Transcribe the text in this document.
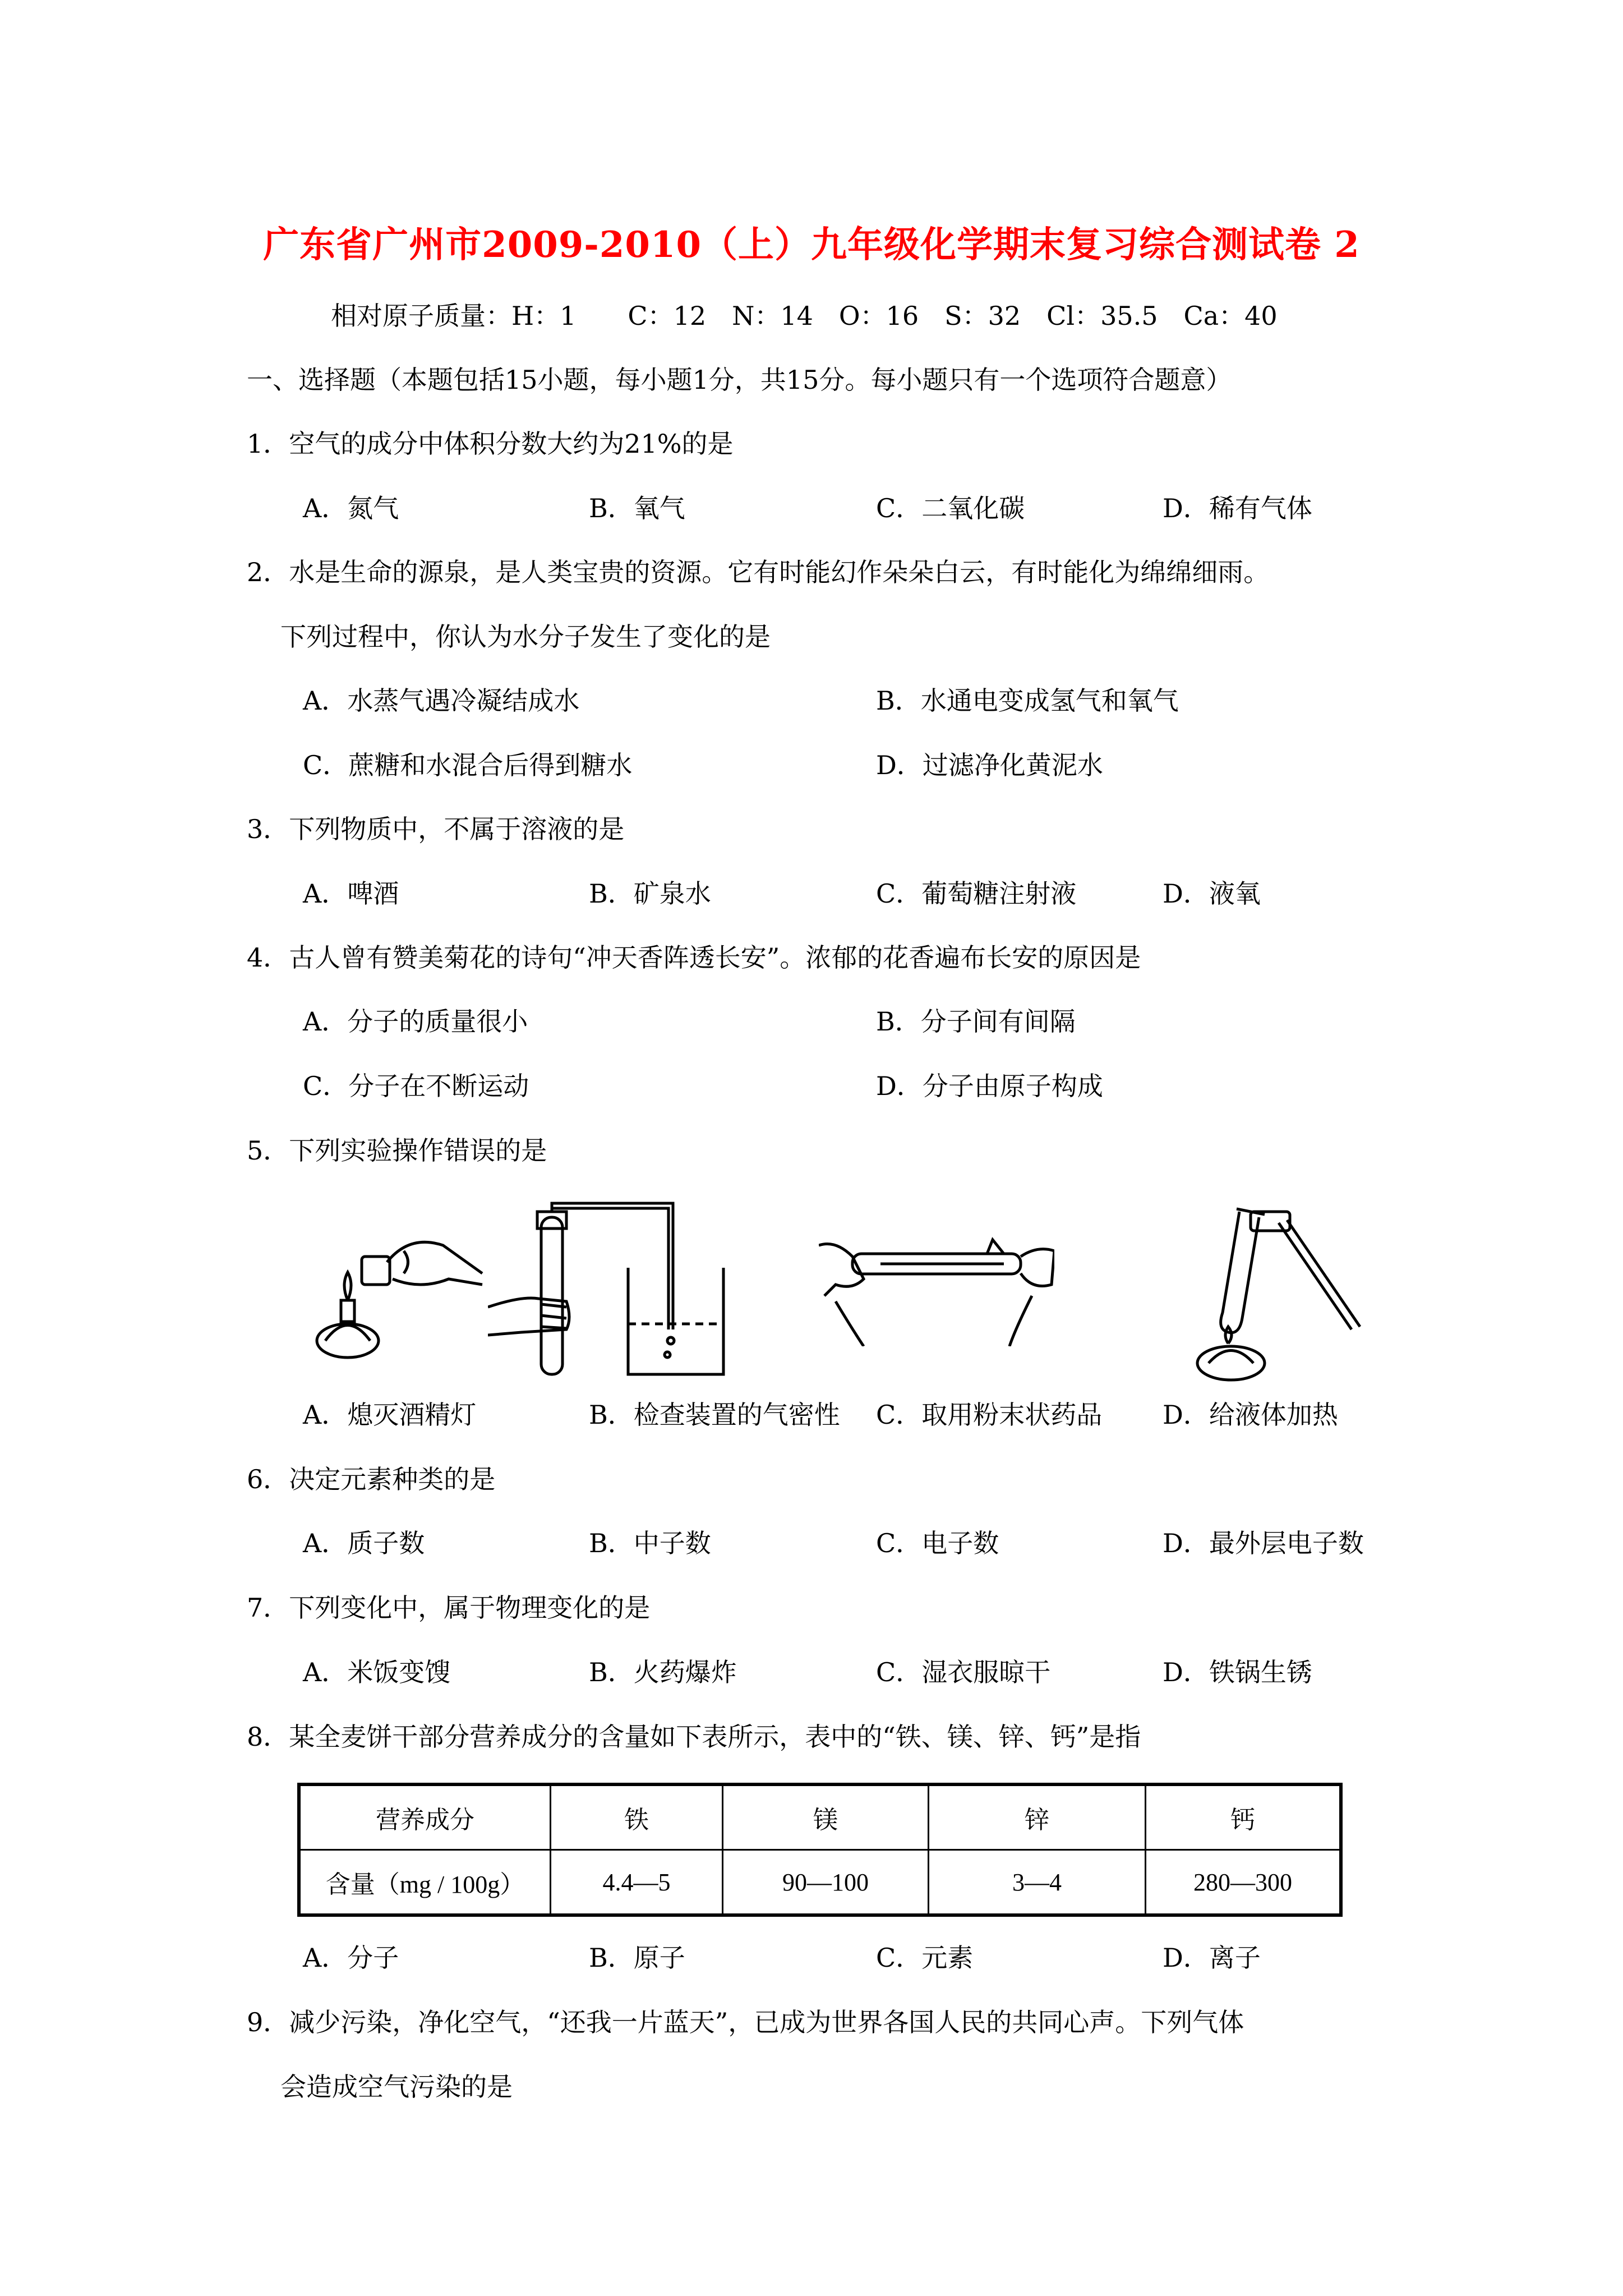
广东省广州市2009-2010（上）九年级化学期末复习综合测试卷 2
相对原子质量：H：1　　C：12　N：14　O：16　S：32　Cl：35.5　Ca：40
一、选择题（本题包括15小题，每小题1分，共15分。每小题只有一个选项符合题意）
1．空气的成分中体积分数大约为21%的是
A．氮气	B．氧气	C．二氧化碳	D．稀有气体
2．水是生命的源泉，是人类宝贵的资源。它有时能幻作朵朵白云，有时能化为绵绵细雨。
下列过程中，你认为水分子发生了变化的是
A．水蒸气遇冷凝结成水	B．水通电变成氢气和氧气
C．蔗糖和水混合后得到糖水	D．过滤净化黄泥水
3．下列物质中，不属于溶液的是
A．啤酒	B．矿泉水	C．葡萄糖注射液	D．液氧
4．古人曾有赞美菊花的诗句“冲天香阵透长安”。浓郁的花香遍布长安的原因是
A．分子的质量很小	B．分子间有间隔
C．分子在不断运动	D．分子由原子构成
5．下列实验操作错误的是
A．熄灭酒精灯	B．检查装置的气密性 C．取用粉末状药品 D．给液体加热
6．决定元素种类的是
A．质子数	B．中子数	C．电子数	D．最外层电子数
7．下列变化中，属于物理变化的是
A．米饭变馊	B．火药爆炸	C．湿衣服晾干	D．铁锅生锈
8．某全麦饼干部分营养成分的含量如下表所示，表中的“铁、镁、锌、钙”是指
营养成分	铁	镁	锌	钙
含量（mg / 100g）	4.4—5	90—100	3—4	280—300
A．分子	B．原子	C．元素	D．离子
9．减少污染，净化空气，“还我一片蓝天”，已成为世界各国人民的共同心声。下列气体
会造成空气污染的是
